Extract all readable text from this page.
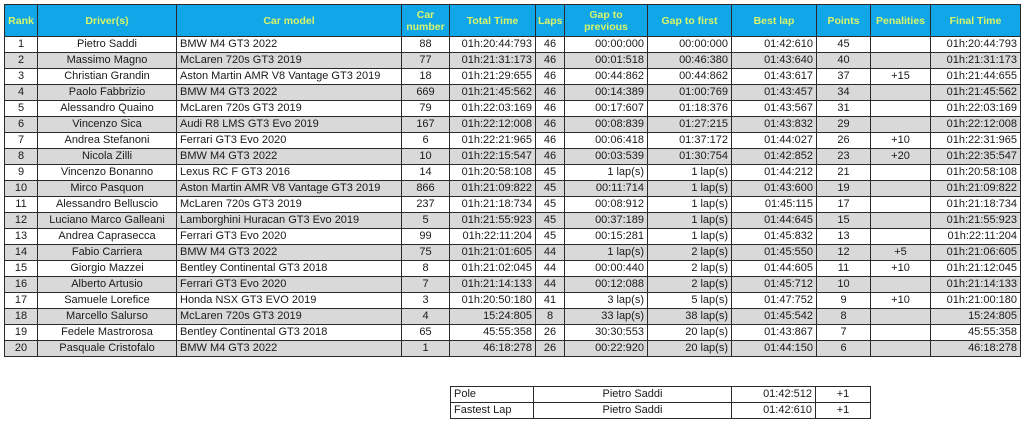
Rank	Driver(s)	Car model	Car number	Total Time	Laps	Gap to previous	Gap to first	Best lap	Points	Penalities	Final Time
1	Pietro Saddi	BMW M4 GT3 2022	88	01h:20:44:793	46	00:00:000	00:00:000	01:42:610	45		01h:20:44:793
2	Massimo Magno	McLaren 720s GT3 2019	77	01h:21:31:173	46	00:01:518	00:46:380	01:43:640	40		01h:21:31:173
3	Christian Grandin	Aston Martin AMR V8 Vantage GT3 2019	18	01h:21:29:655	46	00:44:862	00:44:862	01:43:617	37	+15	01h:21:44:655
4	Paolo Fabbrizio	BMW M4 GT3 2022	669	01h:21:45:562	46	00:14:389	01:00:769	01:43:457	34		01h:21:45:562
5	Alessandro Quaino	McLaren 720s GT3 2019	79	01h:22:03:169	46	00:17:607	01:18:376	01:43:567	31		01h:22:03:169
6	Vincenzo Sica	Audi R8 LMS GT3 Evo 2019	167	01h:22:12:008	46	00:08:839	01:27:215	01:43:832	29		01h:22:12:008
7	Andrea Stefanoni	Ferrari GT3 Evo 2020	6	01h:22:21:965	46	00:06:418	01:37:172	01:44:027	26	+10	01h:22:31:965
8	Nicola Zilli	BMW M4 GT3 2022	10	01h:22:15:547	46	00:03:539	01:30:754	01:42:852	23	+20	01h:22:35:547
9	Vincenzo Bonanno	Lexus RC F GT3 2016	14	01h:20:58:108	45	1 lap(s)	1 lap(s)	01:44:212	21		01h:20:58:108
10	Mirco Pasquon	Aston Martin AMR V8 Vantage GT3 2019	866	01h:21:09:822	45	00:11:714	1 lap(s)	01:43:600	19		01h:21:09:822
11	Alessandro Belluscio	McLaren 720s GT3 2019	237	01h:21:18:734	45	00:08:912	1 lap(s)	01:45:115	17		01h:21:18:734
12	Luciano Marco Galleani	Lamborghini Huracan GT3 Evo 2019	5	01h:21:55:923	45	00:37:189	1 lap(s)	01:44:645	15		01h:21:55:923
13	Andrea Caprasecca	Ferrari GT3 Evo 2020	99	01h:22:11:204	45	00:15:281	1 lap(s)	01:45:832	13		01h:22:11:204
14	Fabio Carriera	BMW M4 GT3 2022	75	01h:21:01:605	44	1 lap(s)	2 lap(s)	01:45:550	12	+5	01h:21:06:605
15	Giorgio Mazzei	Bentley Continental GT3 2018	8	01h:21:02:045	44	00:00:440	2 lap(s)	01:44:605	11	+10	01h:21:12:045
16	Alberto Artusio	Ferrari GT3 Evo 2020	7	01h:21:14:133	44	00:12:088	2 lap(s)	01:45:712	10		01h:21:14:133
17	Samuele Lorefice	Honda NSX GT3 EVO 2019	3	01h:20:50:180	41	3 lap(s)	5 lap(s)	01:47:752	9	+10	01h:21:00:180
18	Marcello Salurso	McLaren 720s GT3 2019	4	15:24:805	8	33 lap(s)	38 lap(s)	01:45:542	8		15:24:805
19	Fedele Mastrorosa	Bentley Continental GT3 2018	65	45:55:358	26	30:30:553	20 lap(s)	01:43:867	7		45:55:358
20	Pasquale Cristofalo	BMW M4 GT3 2022	1	46:18:278	26	00:22:920	20 lap(s)	01:44:150	6		46:18:278
Pole	Pietro Saddi	01:42:512	+1
Fastest Lap	Pietro Saddi	01:42:610	+1
